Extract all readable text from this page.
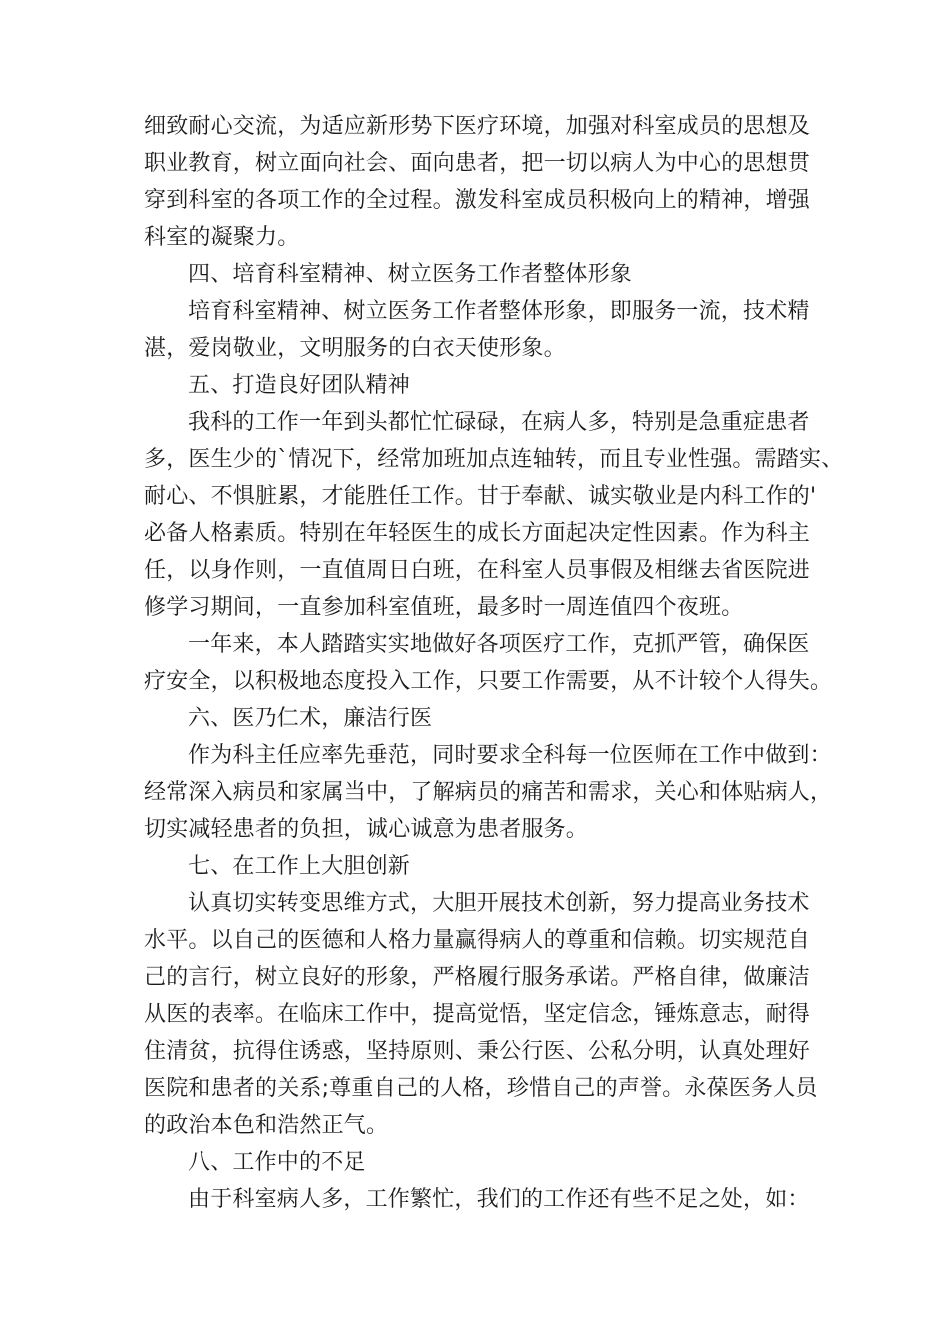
细致耐心交流，为适应新形势下医疗环境，加强对科室成员的思想及
职业教育，树立面向社会、面向患者，把一切以病人为中心的思想贯
穿到科室的各项工作的全过程。激发科室成员积极向上的精神，增强
科室的凝聚力。
四、培育科室精神、树立医务工作者整体形象
培育科室精神、树立医务工作者整体形象，即服务一流，技术精
湛，爱岗敬业，文明服务的白衣天使形象。
五、打造良好团队精神
我科的工作一年到头都忙忙碌碌，在病人多，特别是急重症患者
多，医生少的`情况下，经常加班加点连轴转，而且专业性强。需踏实、
耐心、不惧脏累，才能胜任工作。甘于奉献、诚实敬业是内科工作的'
必备人格素质。特别在年轻医生的成长方面起决定性因素。作为科主
任，以身作则，一直值周日白班，在科室人员事假及相继去省医院进
修学习期间，一直参加科室值班，最多时一周连值四个夜班。
一年来，本人踏踏实实地做好各项医疗工作，克抓严管，确保医
疗安全，以积极地态度投入工作，只要工作需要，从不计较个人得失。
六、医乃仁术，廉洁行医
作为科主任应率先垂范，同时要求全科每一位医师在工作中做到：
经常深入病员和家属当中，了解病员的痛苦和需求，关心和体贴病人，
切实减轻患者的负担，诚心诚意为患者服务。
七、在工作上大胆创新
认真切实转变思维方式，大胆开展技术创新，努力提高业务技术
水平。以自己的医德和人格力量赢得病人的尊重和信赖。切实规范自
己的言行，树立良好的形象，严格履行服务承诺。严格自律，做廉洁
从医的表率。在临床工作中，提高觉悟，坚定信念，锤炼意志，耐得
住清贫，抗得住诱惑，坚持原则、秉公行医、公私分明，认真处理好
医院和患者的关系;尊重自己的人格，珍惜自己的声誉。永葆医务人员
的政治本色和浩然正气。
八、工作中的不足
由于科室病人多，工作繁忙，我们的工作还有些不足之处，如：
